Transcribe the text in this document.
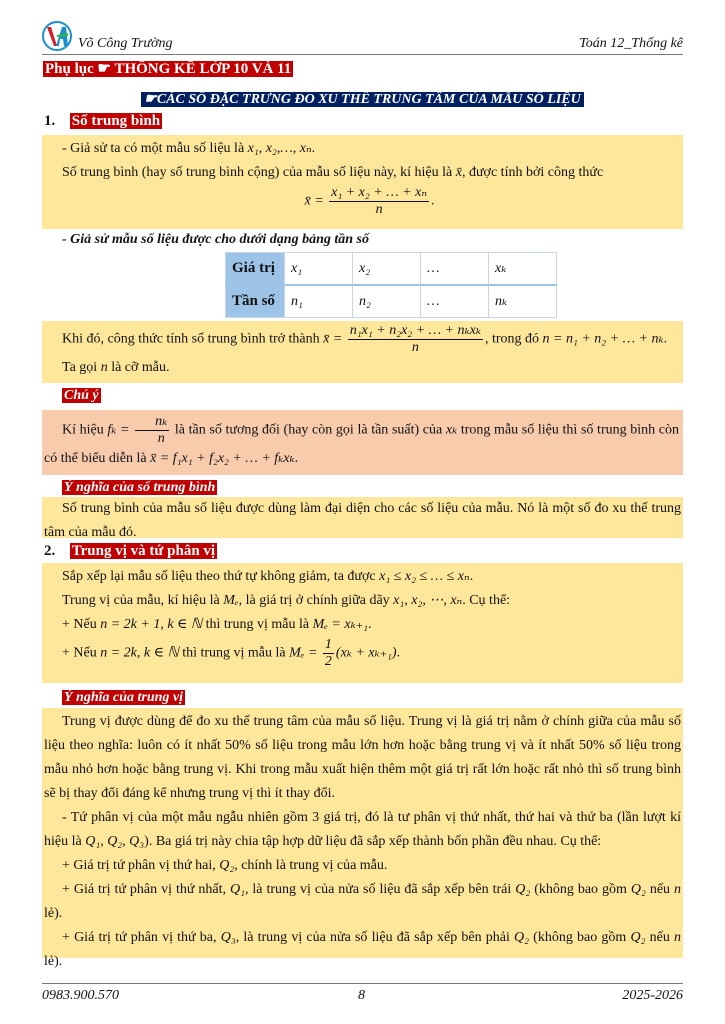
Võ Công Trường	Toán 12_Thống kê
Phụ lục ☛ THỐNG KÊ LỚP 10 VÀ 11
☛CÁC SỐ ĐẶC TRƯNG ĐO XU THẾ TRUNG TÂM CỦA MẪU SỐ LIỆU
1. Số trung bình
- Giả sử ta có một mẫu số liệu là x₁, x₂,…, xₙ.
Số trung bình (hay số trung bình cộng) của mẫu số liệu này, kí hiệu là x̄, được tính bởi công thức
x̄ = $\frac{\text{x₁ + x₂ + … + xₙ}}{n}$ .
- Giả sử mẫu số liệu được cho dưới dạng bảng tần số
Giá trị	x₁	x₂	…	xₖ
Tần số	n₁	n₂	…	nₖ
Khi đó, công thức tính số trung bình trở thành x̄ = $\frac{\text{n₁x₁ + n₂x₂ + … + nₖxₖ}}{n}$ , trong đó n = n₁ + n₂ + … + nₖ.
Ta gọi n là cỡ mẫu.
Chú ý
Kí hiệu $f_k = \frac{\text{nₖ}}{n}$ là tần số tương đối (hay còn gọi là tần suất) của xₖ trong mẫu số liệu thì số trung bình còn có thể biểu diễn là x̄ = f₁x₁ + f₂x₂ + … + fₖxₖ.
Ý nghĩa của số trung bình
Số trung bình của mẫu số liệu được dùng làm đại diện cho các số liệu của mẫu. Nó là một số đo xu thế trung tâm của mẫu đó.
2. Trung vị và tứ phân vị
Sắp xếp lại mẫu số liệu theo thứ tự không giảm, ta được x₁ ≤ x₂ ≤ … ≤ xₙ.
Trung vị của mẫu, kí hiệu là Mₑ, là giá trị ở chính giữa dãy x₁, x₂, ⋯, xₙ. Cụ thể:
+ Nếu n = 2k + 1, k ∈ ℕ thì trung vị mẫu là Mₑ = xₖ₊₁.
+ Nếu n = 2k, k ∈ ℕ thì trung vị mẫu là $M_e = \frac{1}{2} (x_k + x_{k+1})$.
Ý nghĩa của trung vị
Trung vị được dùng để đo xu thế trung tâm của mẫu số liệu. Trung vị là giá trị nằm ở chính giữa của mẫu số liệu theo nghĩa: luôn có ít nhất 50% số liệu trong mẫu lớn hơn hoặc bằng trung vị và ít nhất 50% số liệu trong mẫu nhỏ hơn hoặc bằng trung vị. Khi trong mẫu xuất hiện thêm một giá trị rất lớn hoặc rất nhỏ thì số trung bình sẽ bị thay đổi đáng kể nhưng trung vị thì ít thay đổi.
- Tứ phân vị của một mẫu ngẫu nhiên gồm 3 giá trị, đó là tư phân vị thứ nhất, thứ hai và thứ ba (lần lượt kí hiệu là Q₁, Q₂, Q₃). Ba giá trị này chia tập hợp dữ liệu đã sắp xếp thành bốn phần đều nhau. Cụ thể:
+ Giá trị tứ phân vị thứ hai, Q₂, chính là trung vị của mẫu.
+ Giá trị tứ phân vị thứ nhất, Q₁, là trung vị của nửa số liệu đã sắp xếp bên trái Q₂ (không bao gồm Q₂ nếu n lẻ).
+ Giá trị tứ phân vị thứ ba, Q₃, là trung vị của nửa số liệu đã sắp xếp bên phải Q₂ (không bao gồm Q₂ nếu n lẻ).
0983.900.570	8	2025-2026
